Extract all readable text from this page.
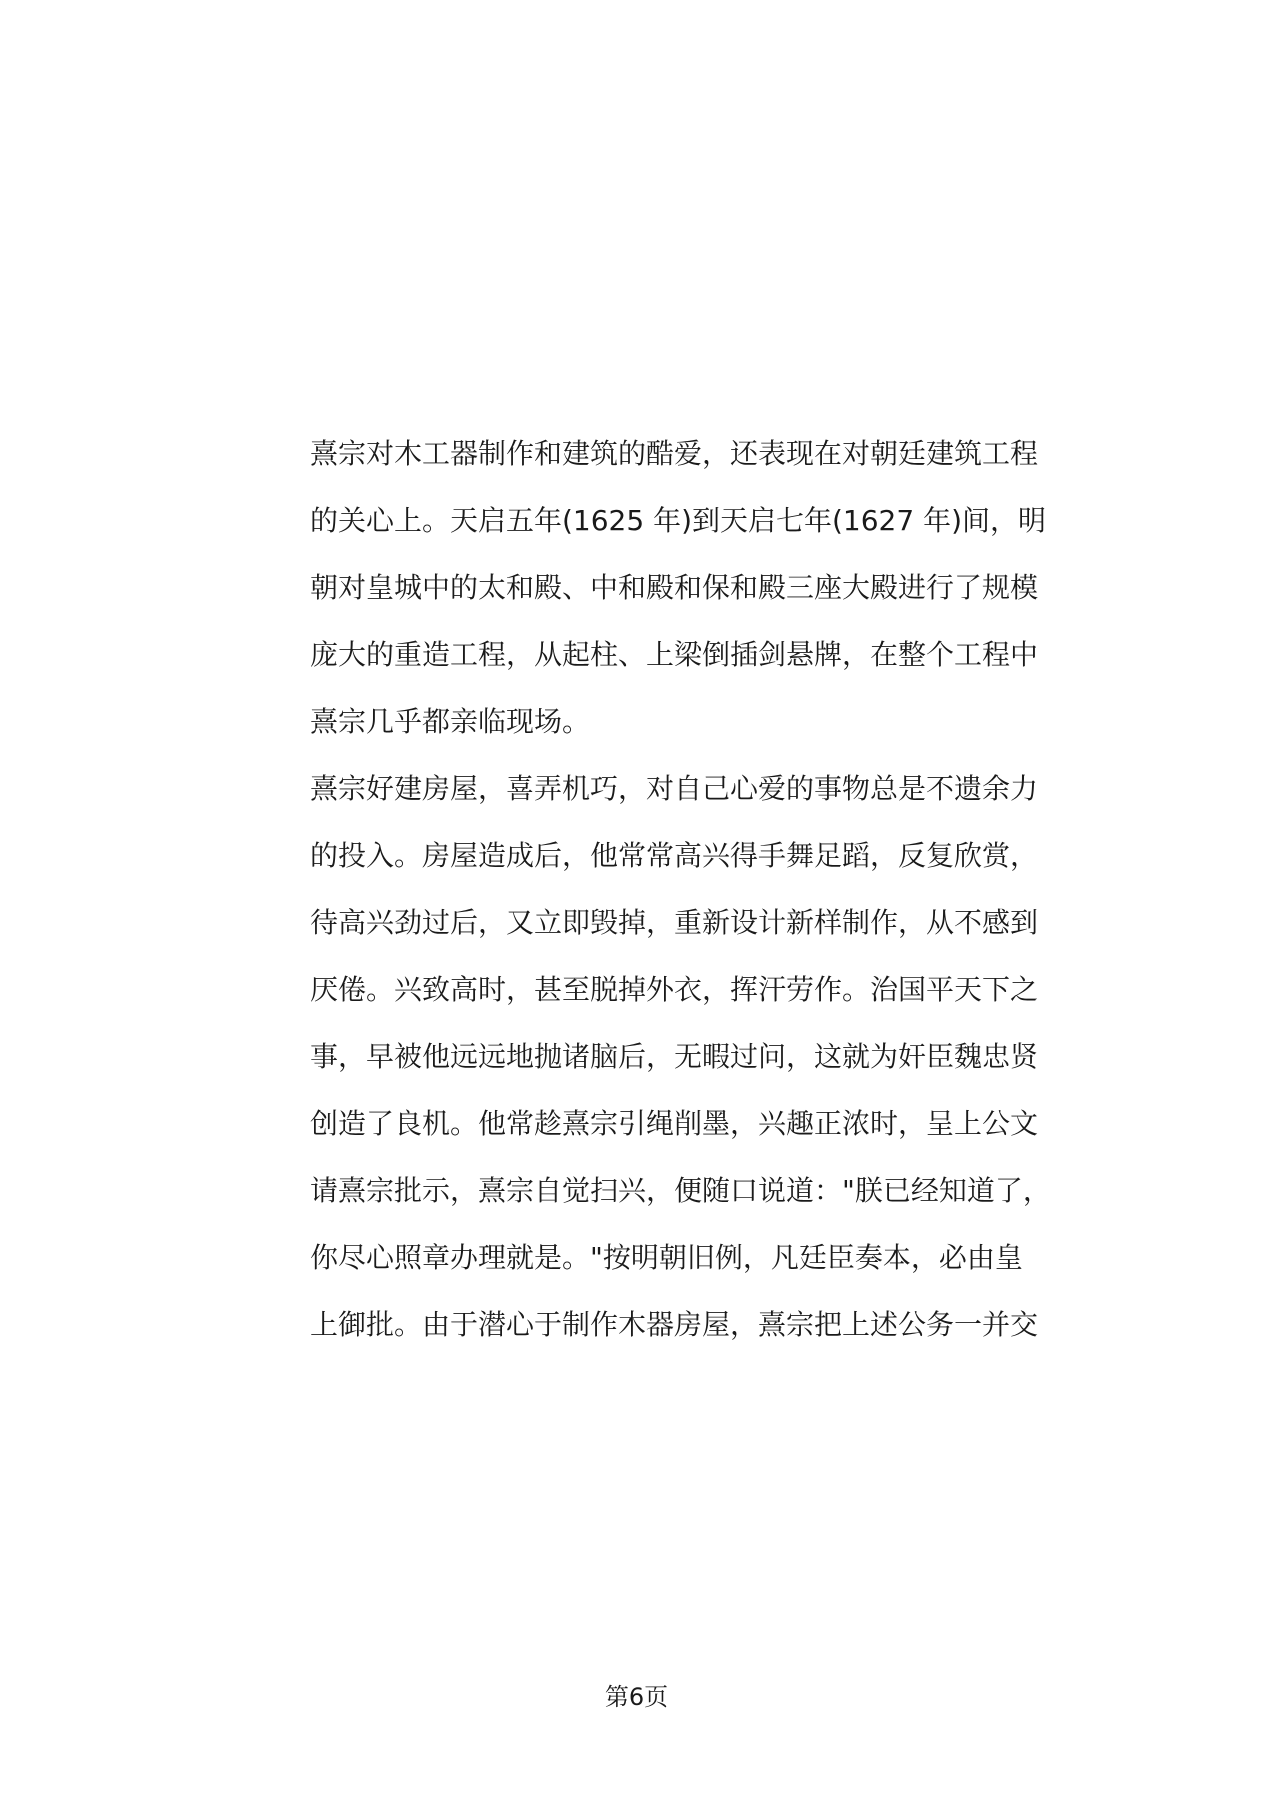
熹宗对木工器制作和建筑的酷爱，还表现在对朝廷建筑工程
的关心上。天启五年(1625 年)到天启七年(1627 年)间，明
朝对皇城中的太和殿、中和殿和保和殿三座大殿进行了规模
庞大的重造工程，从起柱、上梁倒插剑悬牌，在整个工程中
熹宗几乎都亲临现场。
熹宗好建房屋，喜弄机巧，对自己心爱的事物总是不遗余力
的投入。房屋造成后，他常常高兴得手舞足蹈，反复欣赏，
待高兴劲过后，又立即毁掉，重新设计新样制作，从不感到
厌倦。兴致高时，甚至脱掉外衣，挥汗劳作。治国平天下之
事，早被他远远地抛诸脑后，无暇过问，这就为奸臣魏忠贤
创造了良机。他常趁熹宗引绳削墨，兴趣正浓时，呈上公文
请熹宗批示，熹宗自觉扫兴，便随口说道："朕已经知道了，
你尽心照章办理就是。"按明朝旧例，凡廷臣奏本，必由皇
上御批。由于潜心于制作木器房屋，熹宗把上述公务一并交
第6页
